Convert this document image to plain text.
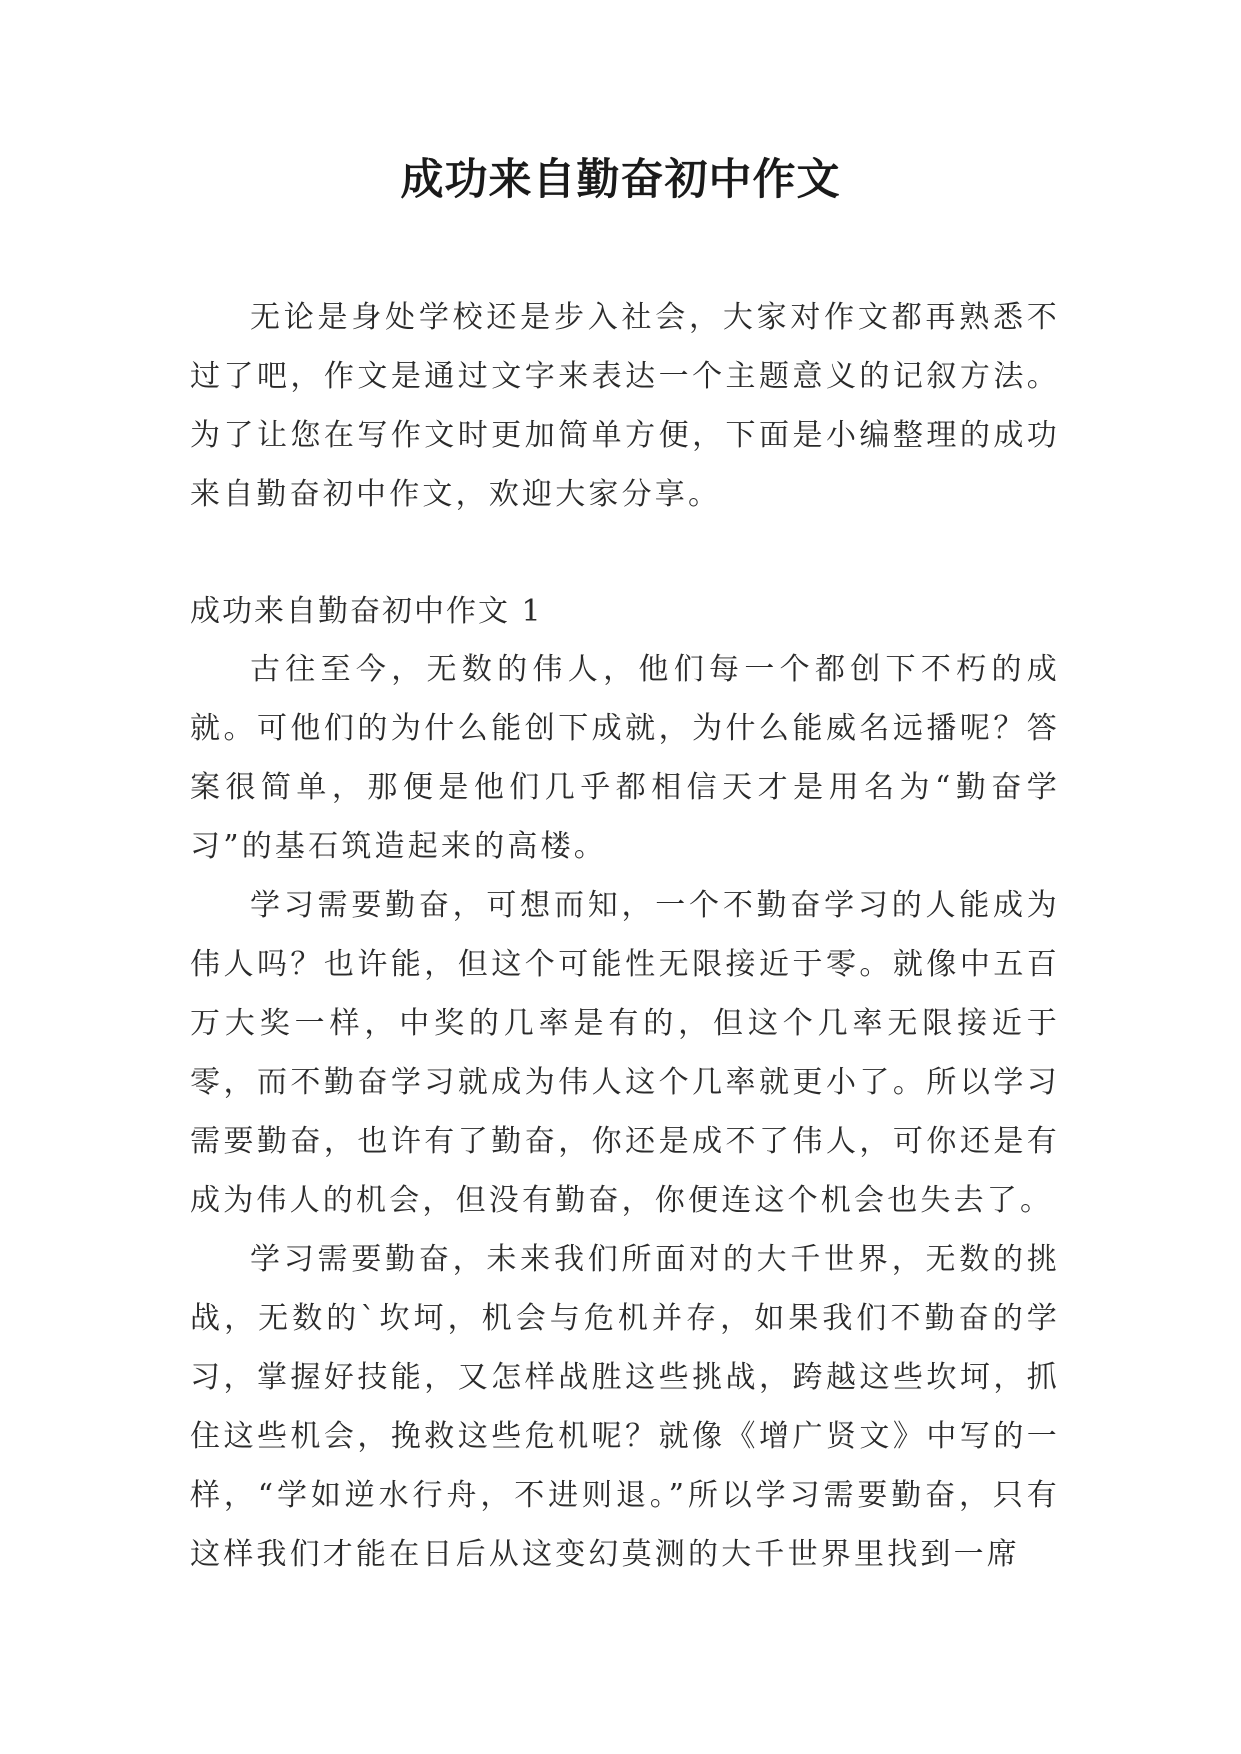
成功来自勤奋初中作文

无论是身处学校还是步入社会，大家对作文都再熟悉不过了吧，作文是通过文字来表达一个主题意义的记叙方法。为了让您在写作文时更加简单方便，下面是小编整理的成功来自勤奋初中作文，欢迎大家分享。

成功来自勤奋初中作文 1

古往至今，无数的伟人，他们每一个都创下不朽的成就。可他们的为什么能创下成就，为什么能威名远播呢？答案很简单，那便是他们几乎都相信天才是用名为“勤奋学习”的基石筑造起来的高楼。

学习需要勤奋，可想而知，一个不勤奋学习的人能成为伟人吗？也许能，但这个可能性无限接近于零。就像中五百万大奖一样，中奖的几率是有的，但这个几率无限接近于零，而不勤奋学习就成为伟人这个几率就更小了。所以学习需要勤奋，也许有了勤奋，你还是成不了伟人，可你还是有成为伟人的机会，但没有勤奋，你便连这个机会也失去了。

学习需要勤奋，未来我们所面对的大千世界，无数的挑战，无数的`坎坷，机会与危机并存，如果我们不勤奋的学习，掌握好技能，又怎样战胜这些挑战，跨越这些坎坷，抓住这些机会，挽救这些危机呢？就像《增广贤文》中写的一样，“学如逆水行舟，不进则退。”所以学习需要勤奋，只有这样我们才能在日后从这变幻莫测的大千世界里找到一席
